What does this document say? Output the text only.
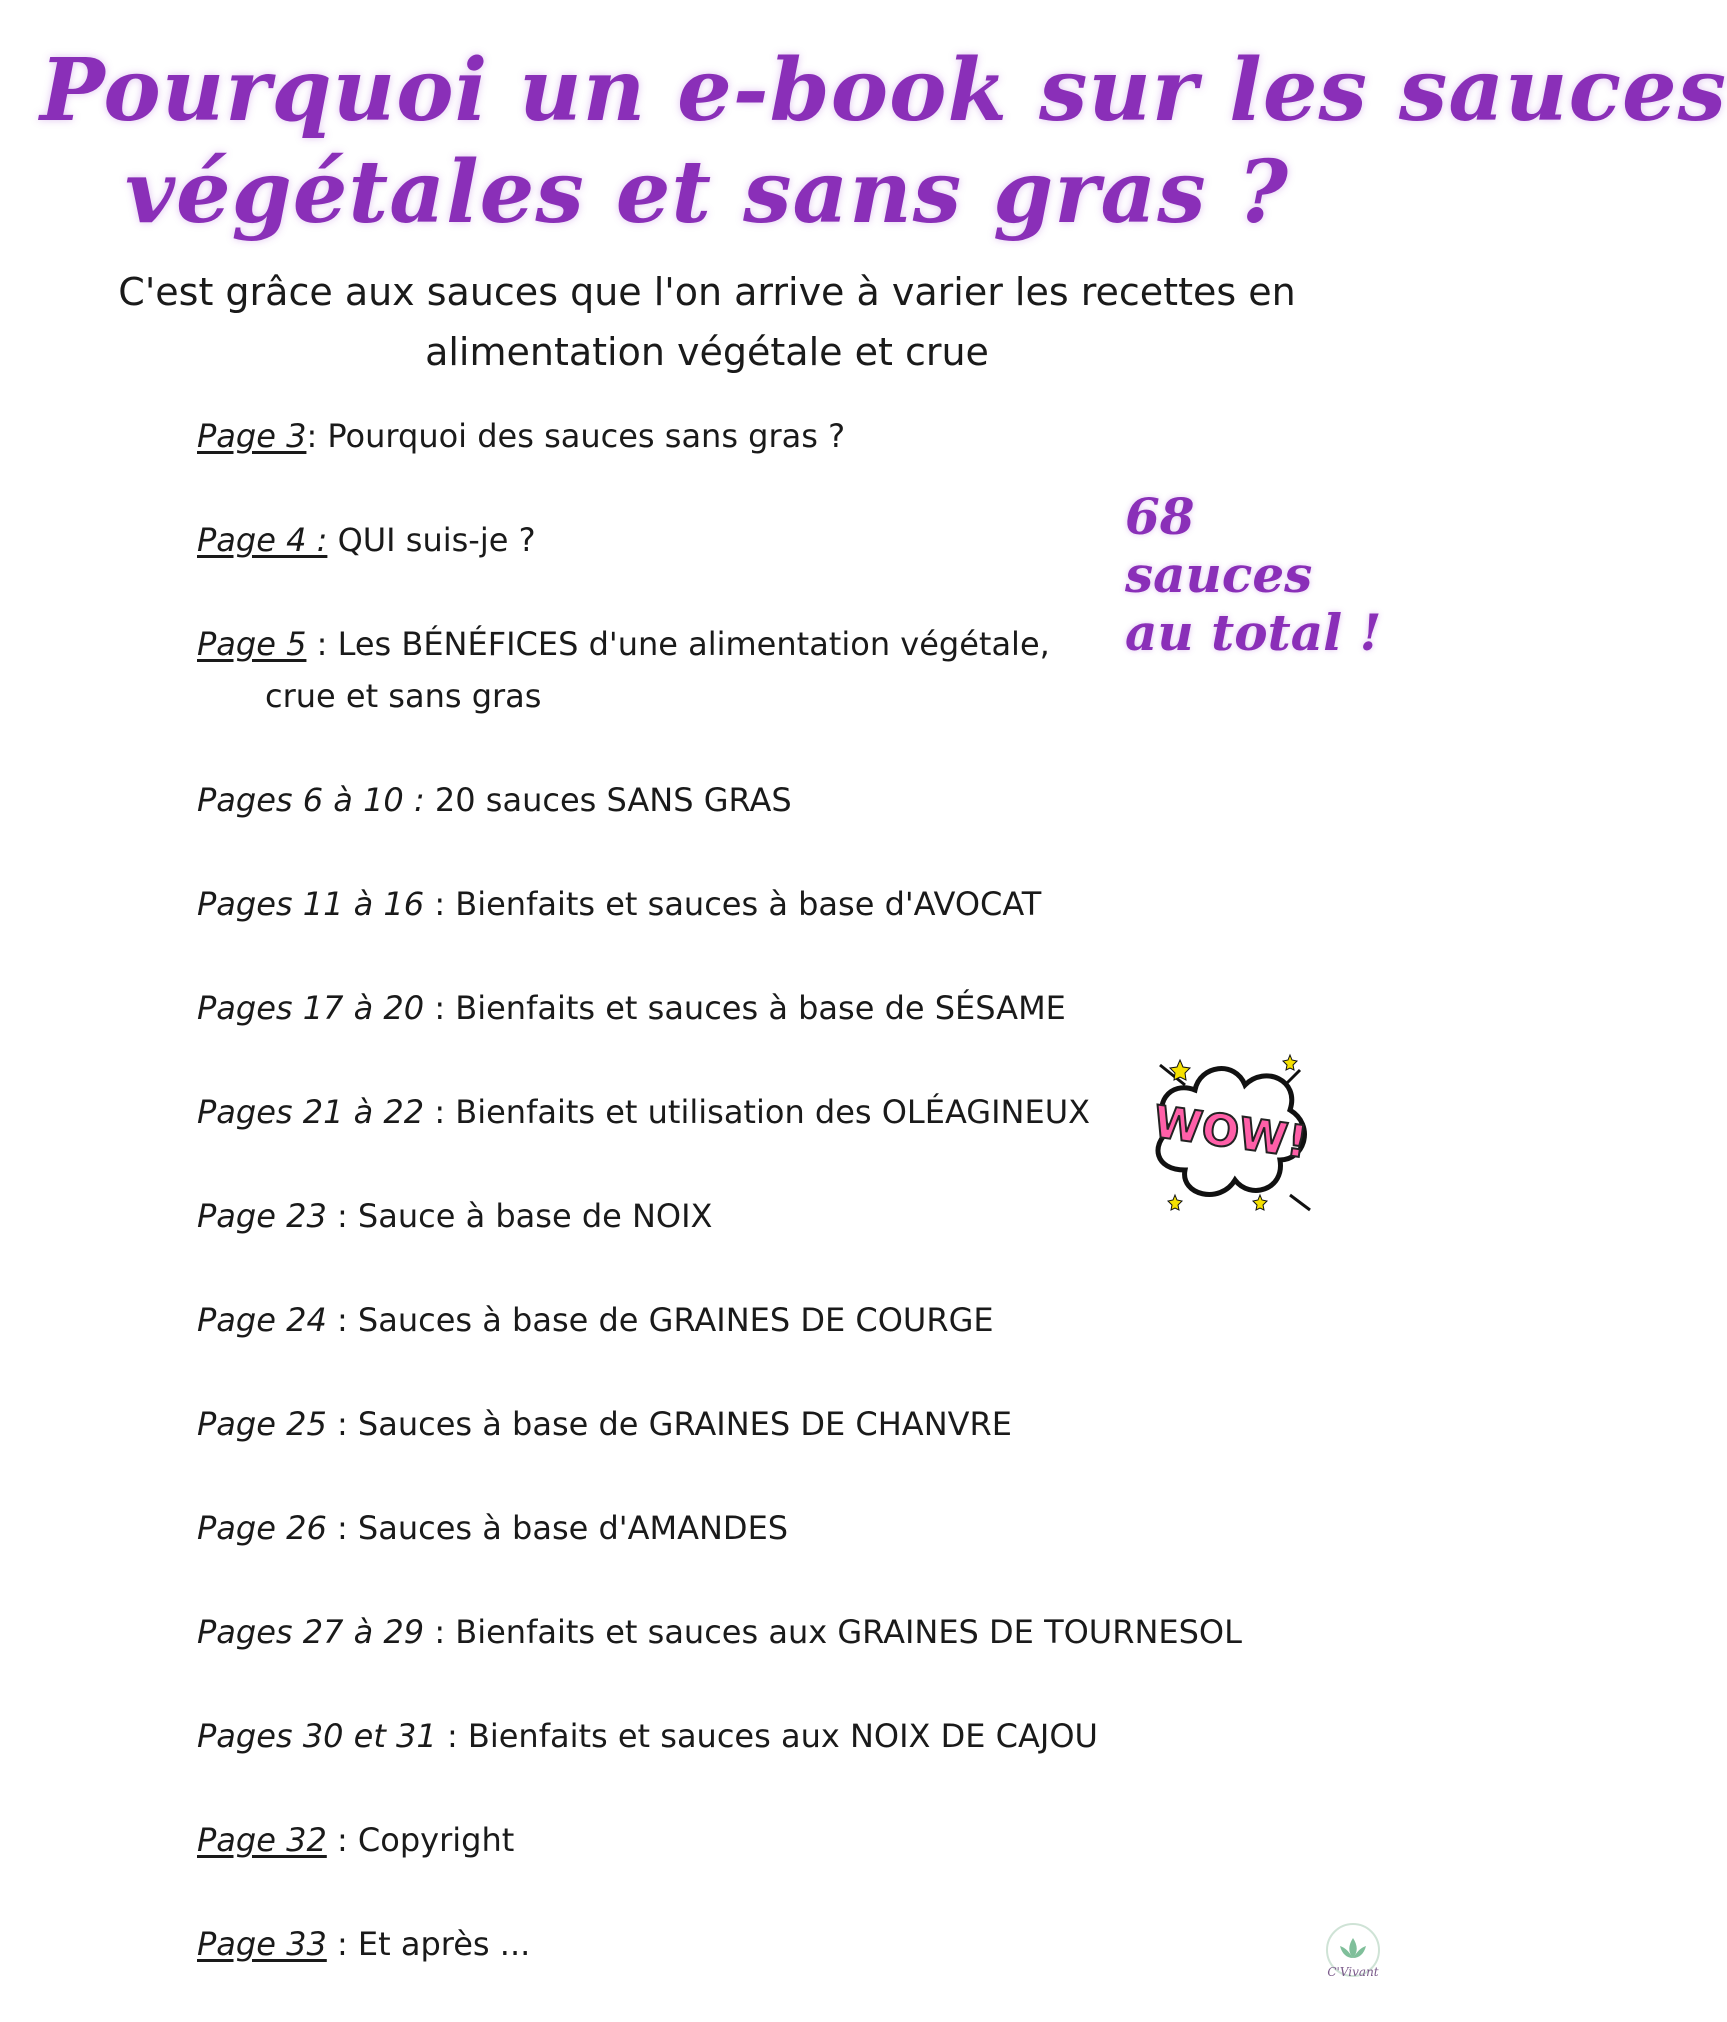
Pourquoi un e-book sur les sauces
végétales et sans gras ?
C'est grâce aux sauces que l'on arrive à varier les recettes en
alimentation végétale et crue
Page 3: Pourquoi des sauces sans gras ?
Page 4 : QUI suis-je ?
Page 5 : Les BÉNÉFICES d'une alimentation végétale,
crue et sans gras
Pages 6 à 10 : 20 sauces SANS GRAS
Pages 11 à 16 : Bienfaits et sauces à base d'AVOCAT
Pages 17 à 20 : Bienfaits et sauces à base de SÉSAME
Pages 21 à 22 : Bienfaits et utilisation des OLÉAGINEUX
Page 23 : Sauce à base de NOIX
Page 24 : Sauces à base de GRAINES DE COURGE
Page 25 : Sauces à base de GRAINES DE CHANVRE
Page 26 : Sauces à base d'AMANDES
Pages 27 à 29 : Bienfaits et sauces aux GRAINES DE TOURNESOL
Pages 30 et 31 : Bienfaits et sauces aux NOIX DE CAJOU
Page 32 : Copyright
Page 33 : Et après ...
68 sauces
au total !
WOW!
C'Vivant
